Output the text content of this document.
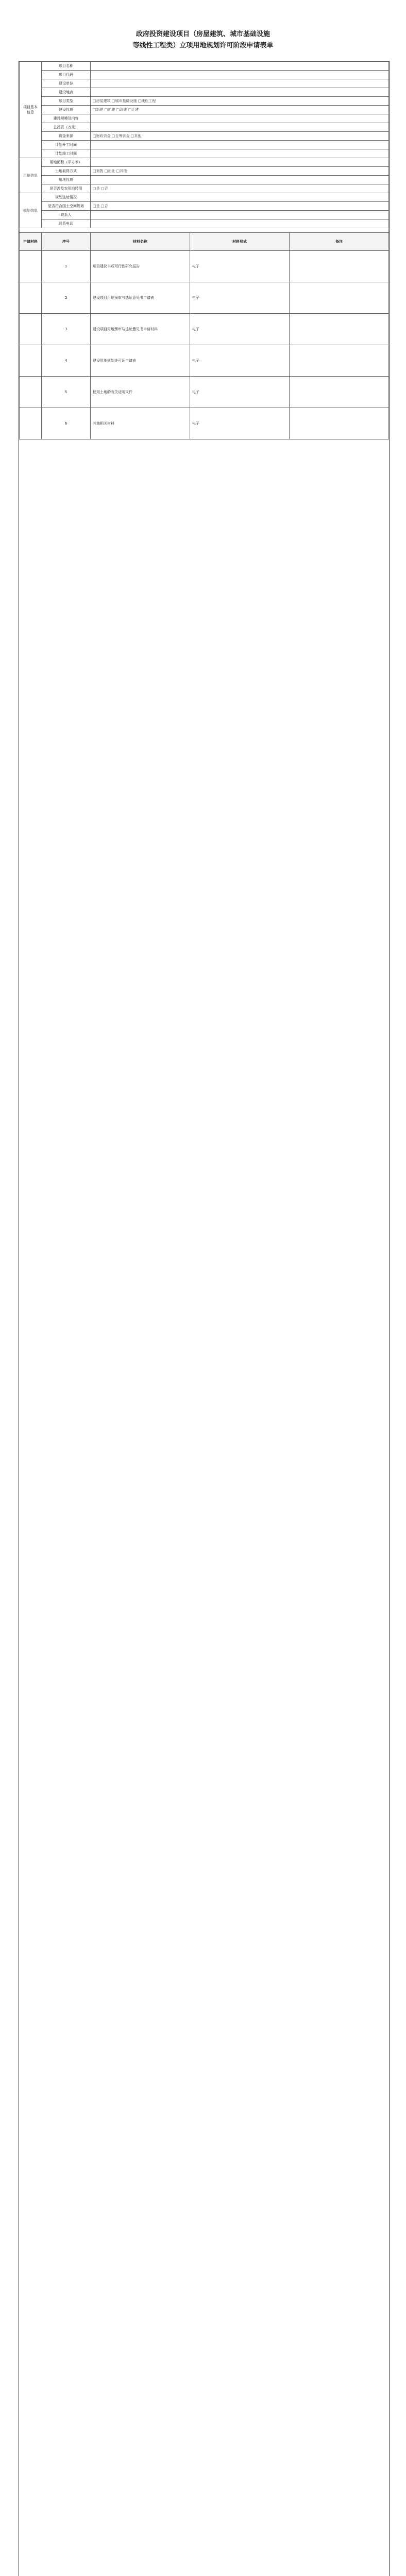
政府投资建设项目（房屋建筑、城市基础设施
等线性工程类）立项用地规划许可阶段申请表单
项目基本信息	项目名称			
	项目代码			
	建设单位			
	建设地点			
	项目类型	□房屋建筑 □城市基础设施 □线性工程		
	建设性质	□新建 □扩建 □改建 □迁建		
	建设规模及内容			
	总投资（万元）			
	资金来源	□财政资金 □自筹资金 □其他		
	计划开工时间			
	计划竣工时间			
用地信息	用地面积（平方米）			
	土地取得方式	□划拨 □出让 □其他		
	用地性质			
	是否涉及农用地转用	□是 □否		
规划信息	规划选址情况			
	是否符合国土空间规划	□是 □否		
	联系人			
	联系电话			

申请材料	序号	材料名称	材料形式	备注
	1	项目建议书或可行性研究报告	电子	
	2	建设项目用地预审与选址意见书申请表	电子	
	3	建设项目用地预审与选址意见书申请材料	电子	
	4	建设用地规划许可证申请表	电子	
	5	使用土地的有关证明文件	电子	
	6	其他相关材料	电子	
